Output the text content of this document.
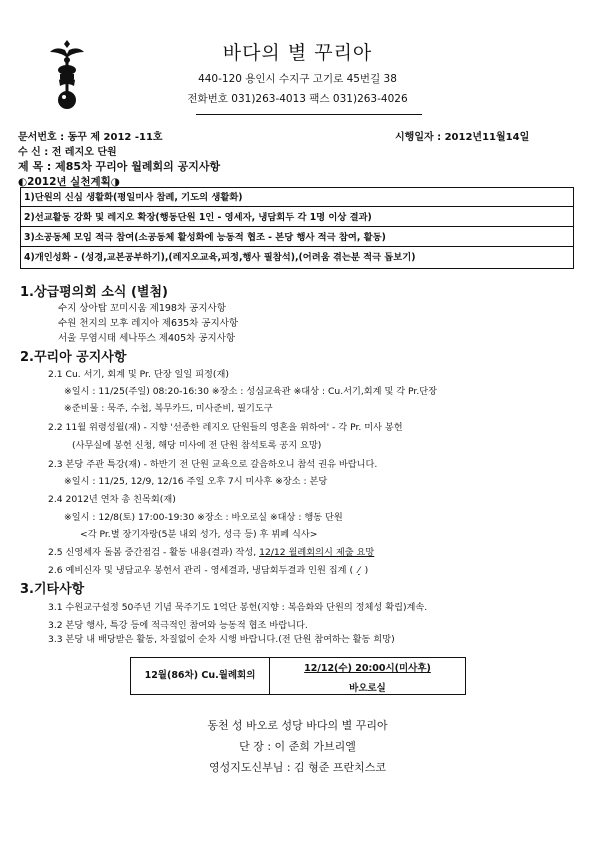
바다의 별 꾸리아
440-120 용인시 수지구 고기로 45번길 38
전화번호 031)263-4013 팩스 031)263-4026
문서번호 : 동꾸 제 2012 -11호	시행일자 : 2012년11월14일
수 신 : 전 레지오 단원
제 목 : 제85차 꾸리아 월례회의 공지사항
◐2012년 실천계획◑
1)단원의 신심 생활화(평일미사 참례, 기도의 생활화)
2)선교활동 강화 및 레지오 확장(행동단원 1인 - 영세자, 냉담회두 각 1명 이상 결과)
3)소공동체 모임 적극 참여(소공동체 활성화에 능동적 협조 - 본당 행사 적극 참여, 활동)
4)개인성화 - (성경,교본공부하기),(레지오교육,피정,행사 필참석),(어려움 겪는분 적극 돕보기)
1.상급평의회 소식 (별첨)
수지 상아탑 꼬미시움 제198차 공지사항
수원 천지의 모후 레지아 제635차 공지사항
서울 무염시태 세나뚜스 제405차 공지사항
2.꾸리아 공지사항
2.1 Cu. 서기, 회계 및 Pr. 단장 일일 피정(재)
※일시 : 11/25(주일) 08:20-16:30 ※장소 : 성심교육관 ※대상 : Cu.서기,회계 및 각 Pr.단장
※준비물 : 묵주, 수첩, 복무카드, 미사준비, 필기도구
2.2 11월 위령성월(재) - 지향 '선종한 레지오 단원들의 영혼을 위하여' - 각 Pr. 미사 봉헌
(사무실에 봉헌 신청, 해당 미사에 전 단원 참석토록 공지 요망)
2.3 본당 주관 특강(재) - 하반기 전 단원 교육으로 갈음하오니 참석 권유 바랍니다.
※일시 : 11/25, 12/9, 12/16 주일 오후 7시 미사후 ※장소 : 본당
2.4 2012년 연차 총 친목회(재)
※일시 : 12/8(토) 17:00-19:30 ※장소 : 바오로실 ※대상 : 행동 단원
<각 Pr.별 장기자랑(5분 내외 성가, 성극 등) 후 뷔페 식사>
2.5 신영세자 돌봄 중간점검 - 활동 내용(결과) 작성, 12/12 월례회의시 제출 요망
2.6 예비신자 및 냉담교우 봉헌서 관리 - 영세결과, 냉담회두결과 인원 집계 ( ⁄ )
3.기타사항
3.1 수원교구설정 50주년 기념 묵주기도 1억단 봉헌(지향 : 복음화와 단원의 정체성 확립)계속.
3.2 본당 행사, 특강 등에 적극적인 참여와 능동적 협조 바랍니다.
3.3 본당 내 배당받은 활동, 차질없이 순차 시행 바랍니다.(전 단원 참여하는 활동 희망)
12월(86차) Cu.월례회의
12/12(수) 20:00시(미사후)
바오로실
동천 성 바오로 성당 바다의 별 꾸리아
단 장 : 이 준희 가브리엘
영성지도신부님 : 김 형준 프란치스코
